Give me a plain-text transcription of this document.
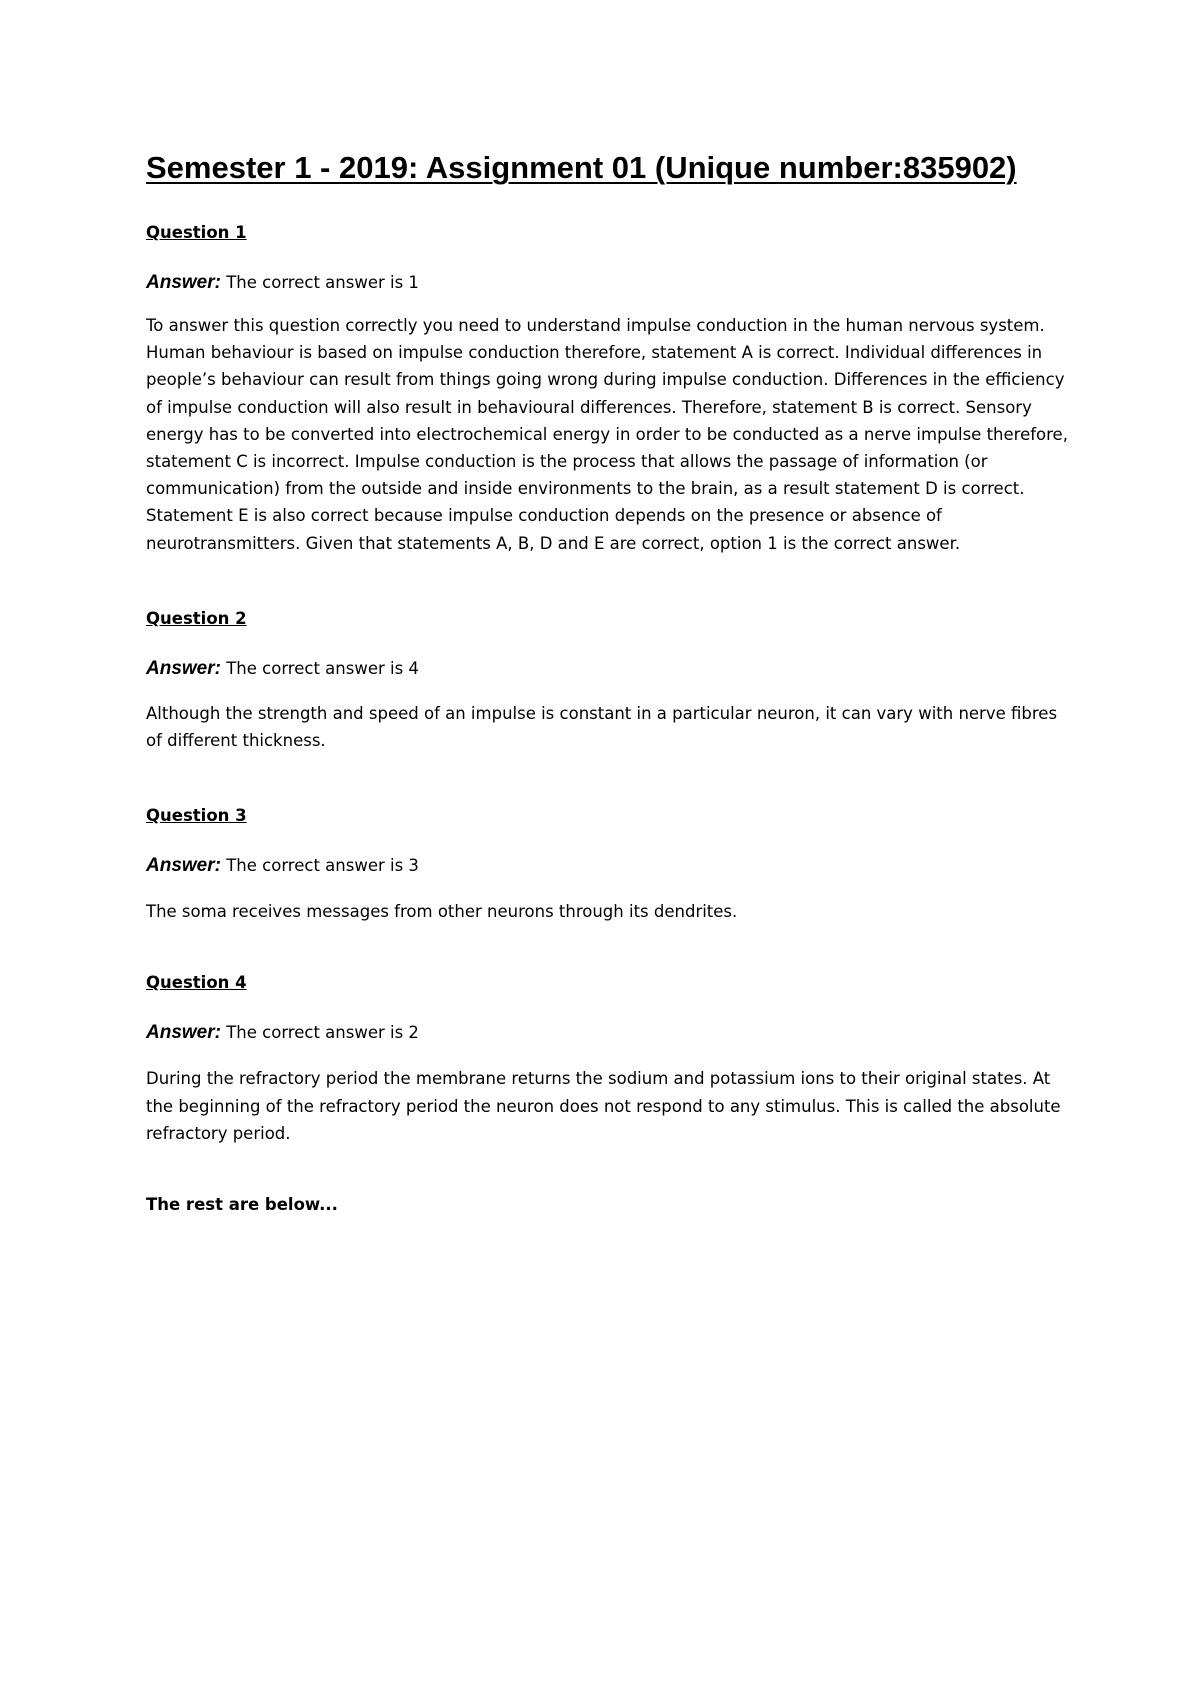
Semester 1 - 2019: Assignment 01 (Unique number:835902)

Question 1

Answer: The correct answer is 1

To answer this question correctly you need to understand impulse conduction in the human nervous system. Human behaviour is based on impulse conduction therefore, statement A is correct. Individual differences in people’s behaviour can result from things going wrong during impulse conduction. Differences in the efficiency of impulse conduction will also result in behavioural differences. Therefore, statement B is correct. Sensory energy has to be converted into electrochemical energy in order to be conducted as a nerve impulse therefore, statement C is incorrect. Impulse conduction is the process that allows the passage of information (or communication) from the outside and inside environments to the brain, as a result statement D is correct. Statement E is also correct because impulse conduction depends on the presence or absence of neurotransmitters. Given that statements A, B, D and E are correct, option 1 is the correct answer.

Question 2

Answer: The correct answer is 4

Although the strength and speed of an impulse is constant in a particular neuron, it can vary with nerve fibres of different thickness.

Question 3

Answer: The correct answer is 3

The soma receives messages from other neurons through its dendrites.

Question 4

Answer: The correct answer is 2

During the refractory period the membrane returns the sodium and potassium ions to their original states. At the beginning of the refractory period the neuron does not respond to any stimulus. This is called the absolute refractory period.

The rest are below...
